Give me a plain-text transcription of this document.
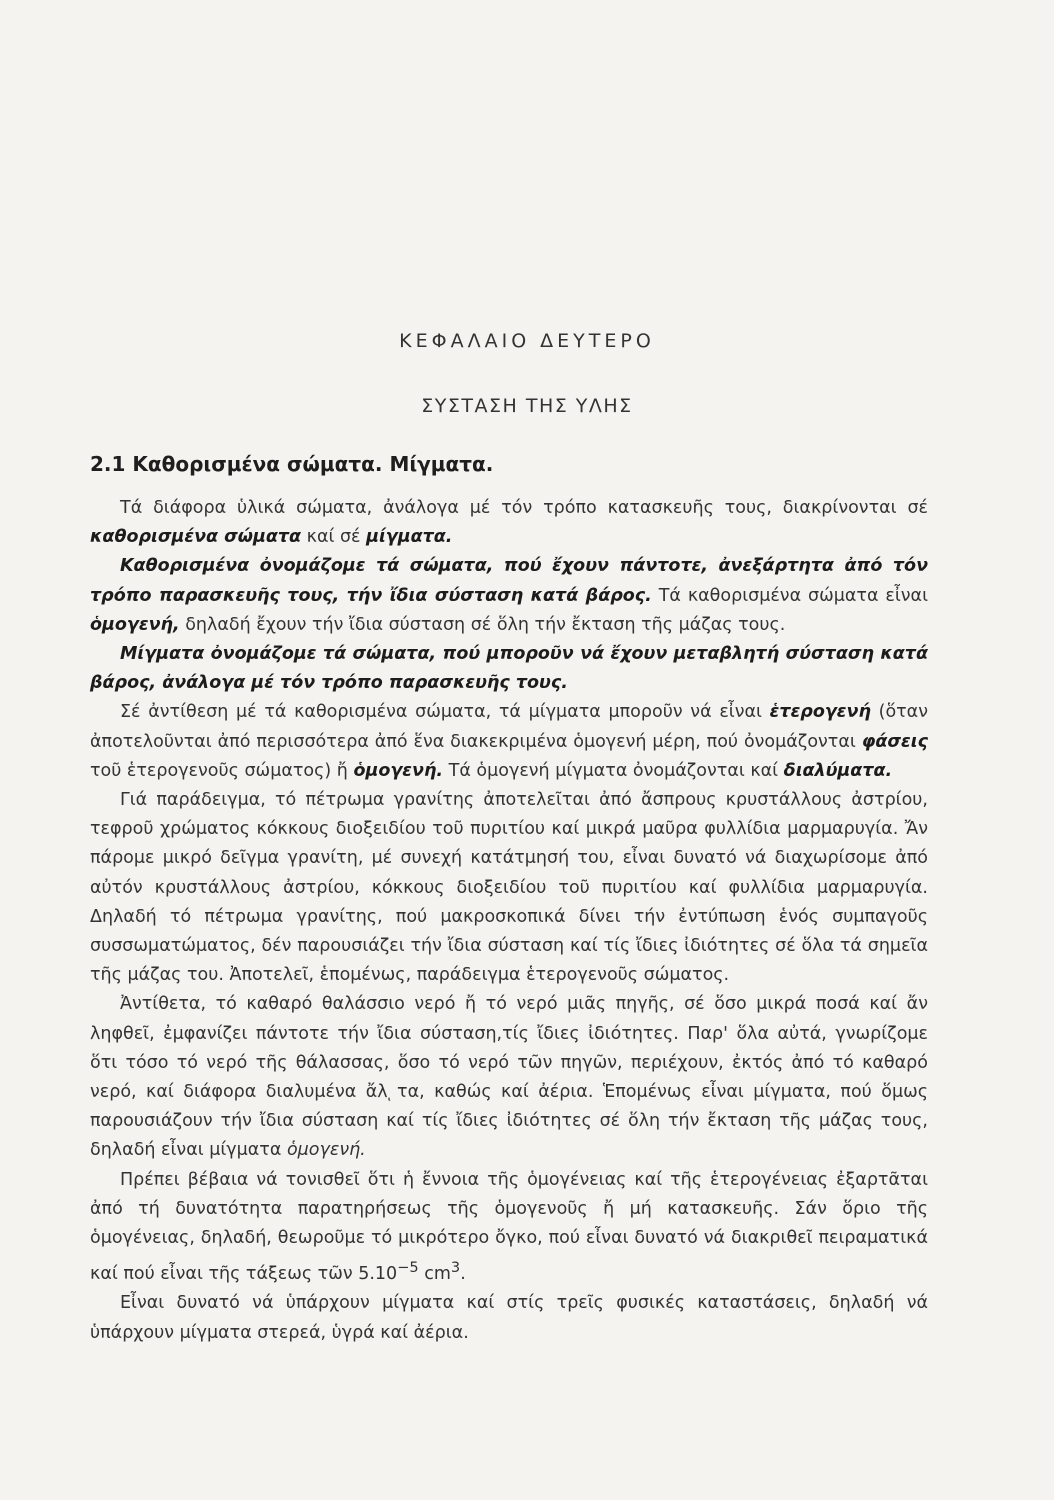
ΚΕΦΑΛΑΙΟ ΔΕΥΤΕΡΟ
ΣΥΣΤΑΣΗ ΤΗΣ ΥΛΗΣ
2.1 Καθορισμένα σώματα. Μίγματα.

Τά διάφορα ὑλικά σώματα, ἀνάλογα μέ τόν τρόπο κατασκευῆς τους, διακρίνονται σέ καθορισμένα σώματα καί σέ μίγματα.

Καθορισμένα ὀνομάζομε τά σώματα, πού ἔχουν πάντοτε, ἀνεξάρτητα ἀπό τόν τρόπο παρασκευῆς τους, τήν ἴδια σύσταση κατά βάρος. Τά καθορισμένα σώματα εἶναι ὁμογενή, δηλαδή ἔχουν τήν ἴδια σύσταση σέ ὅλη τήν ἔκταση τῆς μάζας τους.

Μίγματα ὀνομάζομε τά σώματα, πού μποροῦν νά ἔχουν μεταβλητή σύσταση κατά βάρος, ἀνάλογα μέ τόν τρόπο παρασκευῆς τους.

Σέ ἀντίθεση μέ τά καθορισμένα σώματα, τά μίγματα μποροῦν νά εἶναι ἑτερογενή (ὅταν ἀποτελοῦνται ἀπό περισσότερα ἀπό ἕνα διακεκριμένα ὁμογενή μέρη, πού ὀνομάζονται φάσεις τοῦ ἑτερογενοῦς σώματος) ἤ ὁμογενή. Τά ὁμογενή μίγματα ὀνομάζονται καί διαλύματα.

Γιά παράδειγμα, τό πέτρωμα γρανίτης ἀποτελεῖται ἀπό ἄσπρους κρυστάλλους ἀστρίου, τεφροῦ χρώματος κόκκους διοξειδίου τοῦ πυριτίου καί μικρά μαῦρα φυλλίδια μαρμαρυγία. Ἄν πάρομε μικρό δεῖγμα γρανίτη, μέ συνεχή κατάτμησή του, εἶναι δυνατό νά διαχωρίσομε ἀπό αὐτόν κρυστάλλους ἀστρίου, κόκκους διοξειδίου τοῦ πυριτίου καί φυλλίδια μαρμαρυγία. Δηλαδή τό πέτρωμα γρανίτης, πού μακροσκοπικά δίνει τήν ἐντύπωση ἑνός συμπαγοῦς συσσωματώματος, δέν παρουσιάζει τήν ἴδια σύσταση καί τίς ἴδιες ἰδιότητες σέ ὅλα τά σημεῖα τῆς μάζας του. Ἀποτελεῖ, ἑπομένως, παράδειγμα ἑτερογενοῦς σώματος.

Ἀντίθετα, τό καθαρό θαλάσσιο νερό ἤ τό νερό μιᾶς πηγῆς, σέ ὅσο μικρά ποσά καί ἄν ληφθεῖ, ἐμφανίζει πάντοτε τήν ἴδια σύσταση,τίς ἴδιες ἰδιότητες. Παρ' ὅλα αὐτά, γνωρίζομε ὅτι τόσο τό νερό τῆς θάλασσας, ὅσο τό νερό τῶν πηγῶν, περιέχουν, ἐκτός ἀπό τό καθαρό νερό, καί διάφορα διαλυμένα ἄλ ͅτα, καθώς καί ἀέρια. Ἑπομένως εἶναι μίγματα, πού ὅμως παρουσιάζουν τήν ἴδια σύσταση καί τίς ἴδιες ἰδιότητες σέ ὅλη τήν ἔκταση τῆς μάζας τους, δηλαδή εἶναι μίγματα ὁμογενή.

Πρέπει βέβαια νά τονισθεῖ ὅτι ἡ ἔννοια τῆς ὁμογένειας καί τῆς ἑτερογένειας ἐξαρτᾶται ἀπό τή δυνατότητα παρατηρήσεως τῆς ὁμογενοῦς ἤ μή κατασκευῆς. Σάν ὅριο τῆς ὁμογένειας, δηλαδή, θεωροῦμε τό μικρότερο ὄγκο, πού εἶναι δυνατό νά διακριθεῖ πειραματικά καί πού εἶναι τῆς τάξεως τῶν $5.10^{-5}$ $cm^3$.

Εἶναι δυνατό νά ὑπάρχουν μίγματα καί στίς τρεῖς φυσικές καταστάσεις, δηλαδή νά ὑπάρχουν μίγματα στερεά, ὑγρά καί ἀέρια.
